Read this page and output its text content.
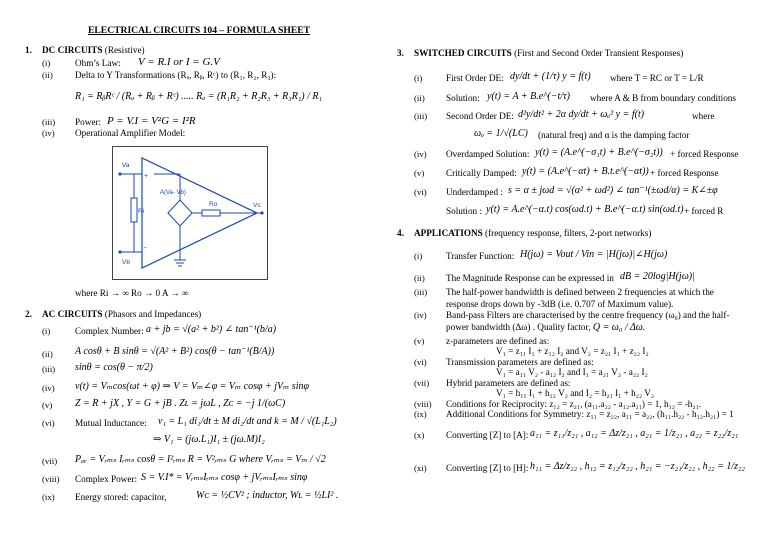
ELECTRICAL CIRCUITS 104 – FORMULA SHEET
1. DC CIRCUITS (Resistive)
(i)	Ohm’s Law: V = R.I or I = G.V
(ii) Delta to Y Transformations (Rₐ, Rᵦ, Rᶜ) to (R₁, R₂, R₃):
R₁ = RᵦRᶜ / (Rₐ + Rᵦ + Rᶜ) ..... Rₐ = (R₁R₂ + R₂R₃ + R₃R₁) / R₁
(iii) Power: P = V.I = V²G = I²R
(iv) Operational Amplifier Model:
Va
Vb
Vc
Ri
Ro
A(Va- Vb)
+
-
where Ri → ∞ Ro → 0 A → ∞
2. AC CIRCUITS (Phasors and Impedances)
(i)	Complex Number: a + jb = √(a² + b²) ∠ tan⁻¹(b/a)
(ii) A cosθ + B sinθ = √(A² + B²) cos(θ − tan⁻¹(B/A))
(iii) sinθ = cos(θ − π/2)
(iv) v(t) = Vₘcos(ωt + φ) ⇒ V = Vₘ∠φ = Vₘ cosφ + jVₘ sinφ
(v) Z = R + jX , Y = G + jB . Zʟ = jωL , Zᴄ = −j 1/(ωC)
(vi) Mutual Inductance: v₁ = L₁ di₁/dt ± M di₂/dt and k = M / √(L₁L₂)
⇒ V₁ = (jω.L₁)I₁ ± (jω.M)I₂
(vii) Pₐᵥ = Vᵣₘₛ Iᵣₘₛ cosθ = I²ᵣₘₛ R = V²ᵣₘₛ G where Vᵣₘₛ = Vₘ / √2
(viii) Complex Power: S = V.I* = VᵣₘₛIᵣₘₛ cosφ + jVᵣₘₛIᵣₘₛ sinφ
(ix) Energy stored: capacitor,	Wᴄ = ½CV² ; inductor, Wʟ = ½LI² .
3. SWITCHED CIRCUITS (First and Second Order Transient Responses)
(i)	First Order DE: dy/dt + (1/τ) y = f(t) where T = RC or T = L/R
(ii) Solution: y(t) = A + B.e^(−t/τ) where A & B from boundary conditions
(iii) Second Order DE: d²y/dt² + 2α dy/dt + ωₒ² y = f(t)	where
ωₒ = 1/√(LC) (natural freq) and α is the damping factor
(iv) Overdamped Solution: y(t) = (A.e^(−σ₁t) + B.e^(−σ₂t)) + forced Response
(v) Critically Damped: y(t) = (A.e^(−αt) + B.t.e^(−αt)) + forced Response
(vi) Underdamped : s = α ± jωd = √(α² + ωd²) ∠ tan⁻¹(±ωd/α) = K∠±φ
Solution : y(t) = A.e^(−α.t) cos(ωd.t) + B.e^(−α.t) sin(ωd.t) + forced R
4. APPLICATIONS (frequency response, filters, 2-port networks)
(i)	Transfer Function: H(jω) = Vout / Vin = |H(jω)|∠H(jω)
(ii) The Magnitude Response can be expressed in dB = 20log|H(jω)|
(iii) The half-power bandwidth is defined between 2 frequencies at which the response drops down by -3dB (i.e. 0.707 of Maximum value).
(iv) Band-pass Filters are characterised by the centre frequency (ω₀) and the half-power bandwidth (Δω) . Quality factor, Q = ω₀ / Δω.
(v) z-parameters are defined as:
V₁ = z₁₁ I₁ + z₁₂ I₂ and V₂ = z₂₁ I₁ + z₂₂ I₂
(vi) Transmission parameters are defined as:
V₁ = a₁₁ V₂ - a₁₂ I₂ and I₁ = a₂₁ V₂ - a₂₂ I₂
(vii) Hybrid parameters are defined as:
V₁ = h₁₁ I₁ + h₁₂ V₂ and I₂ = h₂₁ I₁ + h₂₂ V₂
(viii) Conditions for Reciprocity: z₁₂ = z₂₁, (a₁₁.a₂₂ - a₁₂.a₂₁) = 1, h₁₂ = -h₂₁.
(ix) Additional Conditions for Symmetry: z₁₁ = z₂₂, a₁₁ = a₂₂, (h₁₁.h₂₂ - h₁₂.h₂₁) = 1
(x) Converting [Z] to [A]: a₁₁ = z₁₁/z₂₁ , a₁₂ = Δz/z₂₁ , a₂₁ = 1/z₂₁ , a₂₂ = z₂₂/z₂₁
(xi) Converting [Z] to [H]: h₁₁ = Δz/z₂₂ , h₁₂ = z₁₂/z₂₂ , h₂₁ = −z₂₁/z₂₂ , h₂₂ = 1/z₂₂
